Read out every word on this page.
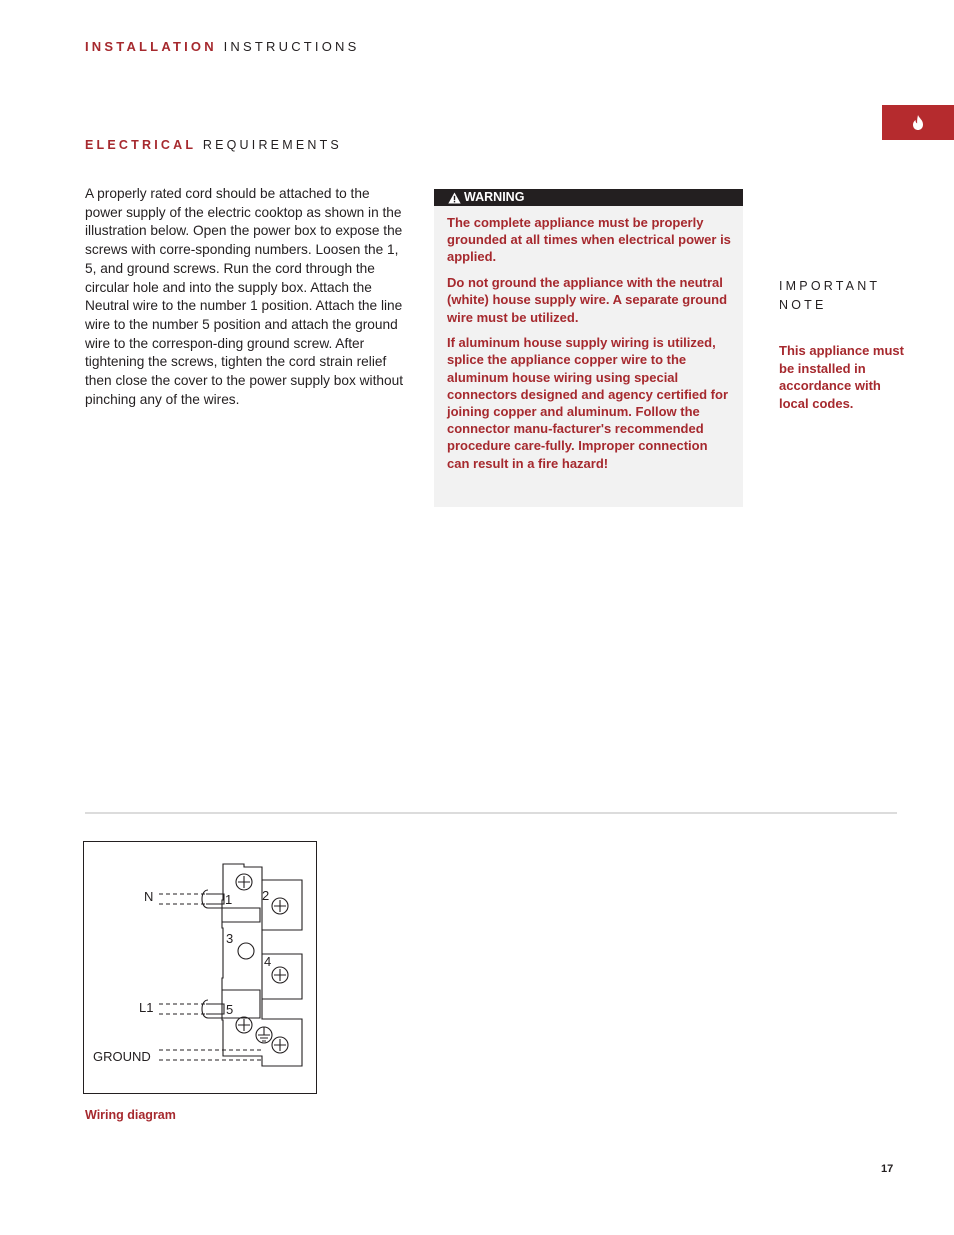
INSTALLATION INSTRUCTIONS
ELECTRICAL REQUIREMENTS
A properly rated cord should be attached to the power supply of the electric cooktop as shown in the illustration below. Open the power box to expose the screws with corre-sponding numbers. Loosen the 1, 5, and ground screws. Run the cord through the circular hole and into the supply box. Attach the Neutral wire to the number 1 position. Attach the line wire to the number 5 position and attach the ground wire to the correspon-ding ground screw. After tightening the screws, tighten the cord strain relief then close the cover to the power supply box without pinching any of the wires.
WARNING

The complete appliance must be properly grounded at all times when electrical power is applied.

Do not ground the appliance with the neutral (white) house supply wire. A separate ground wire must be utilized.

If aluminum house supply wiring is utilized, splice the appliance copper wire to the aluminum house wiring using special connectors designed and agency certified for joining copper and aluminum. Follow the connector manu-facturer's recommended procedure care-fully. Improper connection can result in a fire hazard!

IMPORTANT
NOTE
This appliance must be installed in accordance with local codes.
1 2
3
4
5
N
L1
GROUND
Wiring diagram
17
